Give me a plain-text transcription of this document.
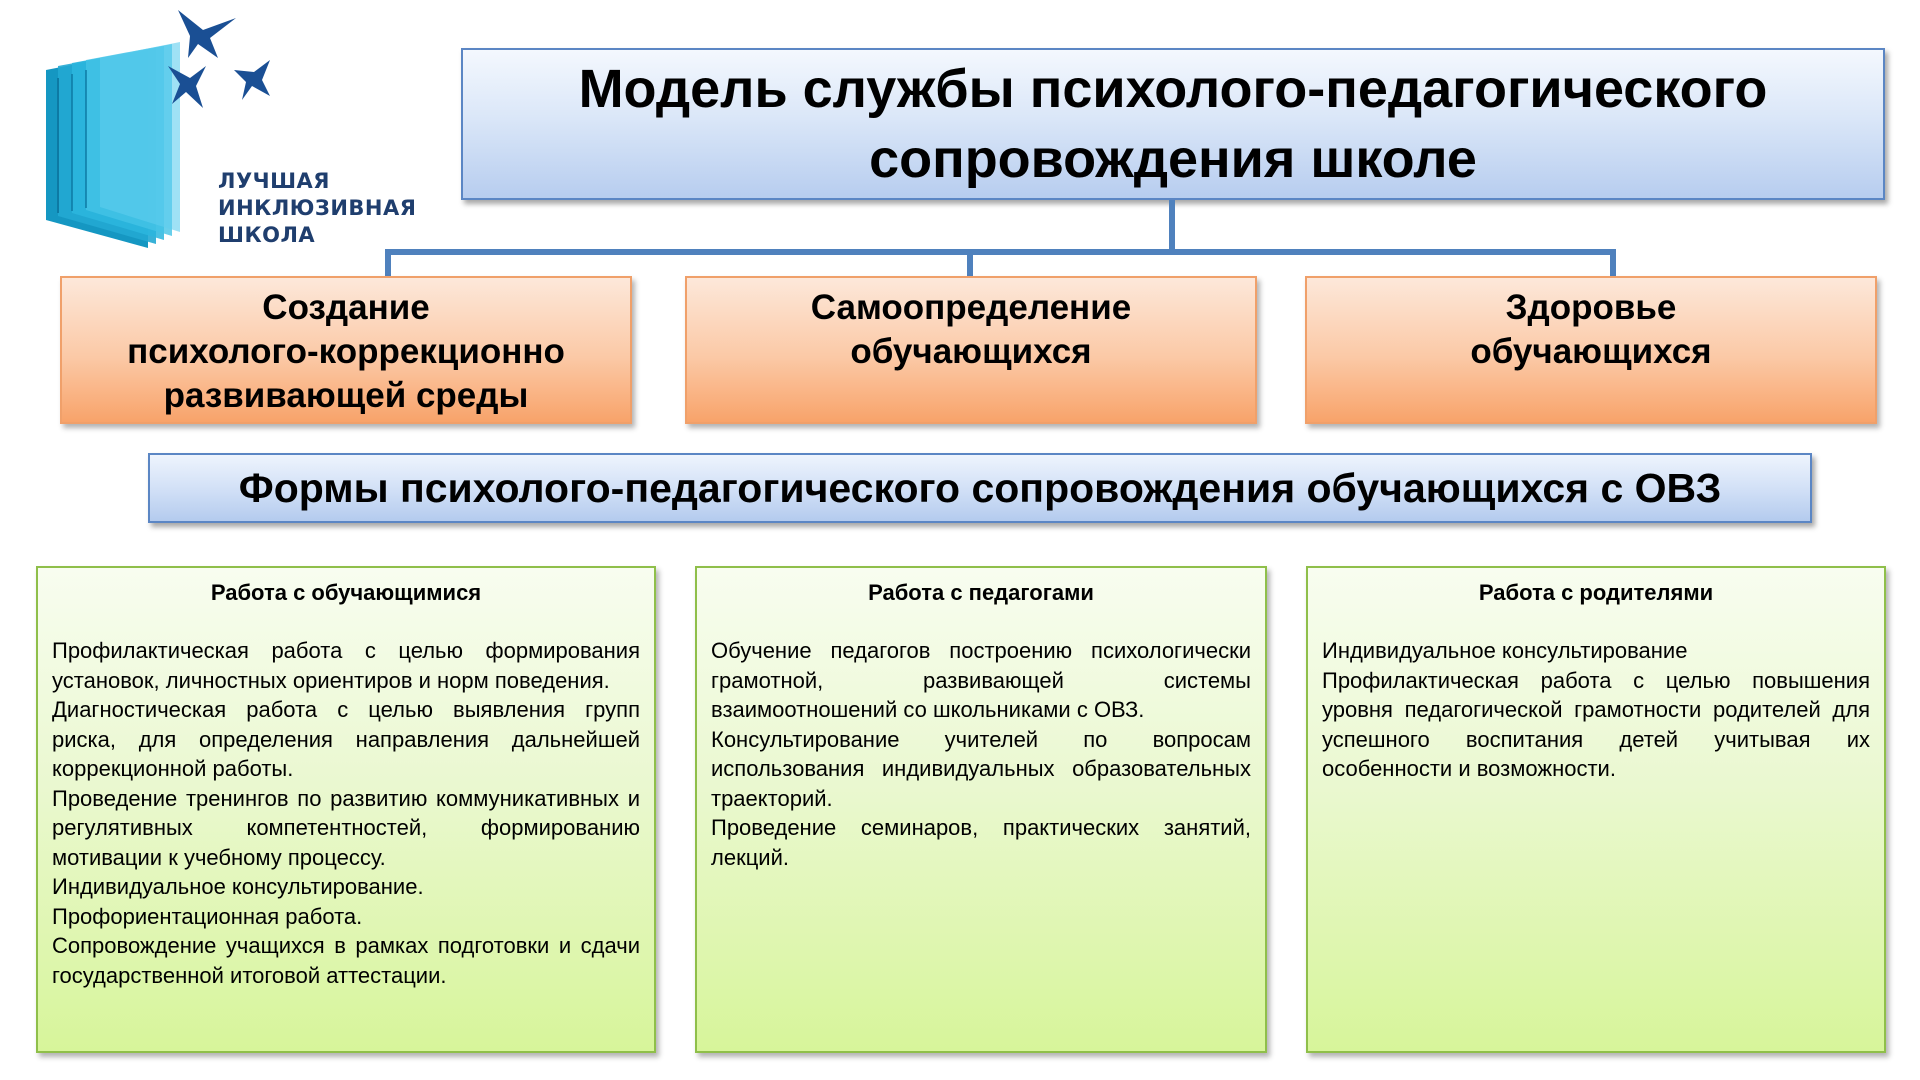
ЛУЧШАЯ
ИНКЛЮЗИВНАЯ
ШКОЛА
Модель службы психолого-педагогического сопровождения школе
Создание
психолого-коррекционно
развивающей среды
Самоопределение
обучающихся
Здоровье
обучающихся
Формы психолого-педагогического сопровождения обучающихся с ОВЗ
Работа с обучающимися

Профилактическая работа с целью формирования установок, личностных ориентиров и норм поведения.

Диагностическая работа с целью выявления групп риска, для определения направления дальнейшей коррекционной работы.

Проведение тренингов по развитию коммуникативных и регулятивных компетентностей, формированию мотивации к учебному процессу.

Индивидуальное консультирование.

Профориентационная работа.

Сопровождение учащихся в рамках подготовки и сдачи государственной итоговой аттестации.

Работа с педагогами

Обучение педагогов построению психологически грамотной, развивающей системы взаимоотношений со школьниками с ОВЗ.

Консультирование учителей по вопросам использования индивидуальных образовательных траекторий.

Проведение семинаров, практических занятий, лекций.

Работа с родителями

Индивидуальное консультирование

Профилактическая работа с целью повышения уровня педагогической грамотности родителей для успешного воспитания детей учитывая их особенности и возможности.
